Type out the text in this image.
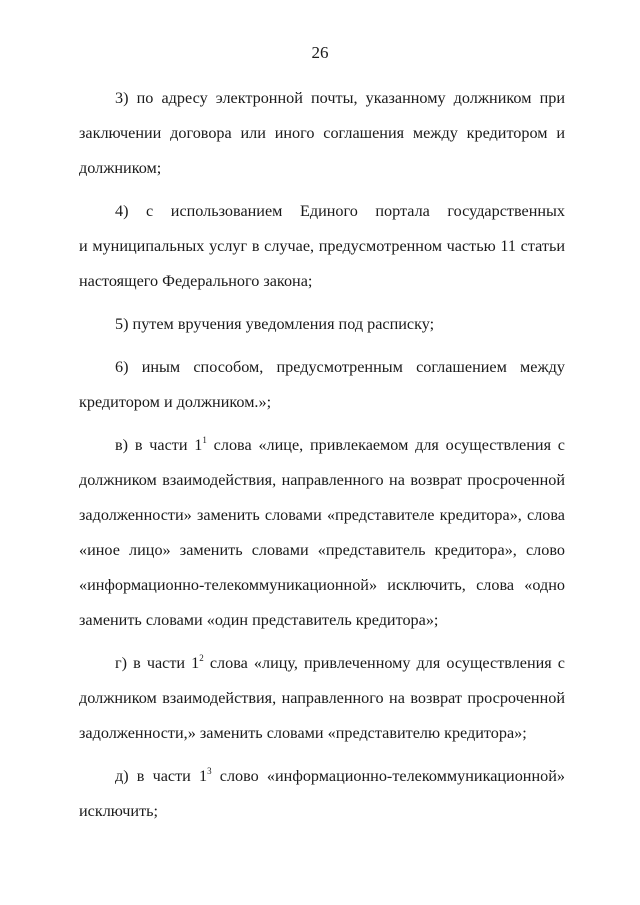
26
3) по адресу электронной почты, указанному должником при
заключении договора или иного соглашения между кредитором и
должником;
4) с использованием Единого портала государственных
и муниципальных услуг в случае, предусмотренном частью 11 статьи
настоящего Федерального закона;
5) путем вручения уведомления под расписку;
6) иным способом, предусмотренным соглашением между
кредитором и должником.»;
в) в части $1^1$ слова «лице, привлекаемом для осуществления с
должником взаимодействия, направленного на возврат просроченной
задолженности» заменить словами «представителе кредитора», слова
«иное лицо» заменить словами «представитель кредитора», слово
«информационно-телекоммуникационной» исключить, слова «одно
заменить словами «один представитель кредитора»;
г) в части $1^2$ слова «лицу, привлеченному для осуществления с
должником взаимодействия, направленного на возврат просроченной
задолженности,» заменить словами «представителю кредитора»;
д) в части $1^3$ слово «информационно-телекоммуникационной»
исключить;
